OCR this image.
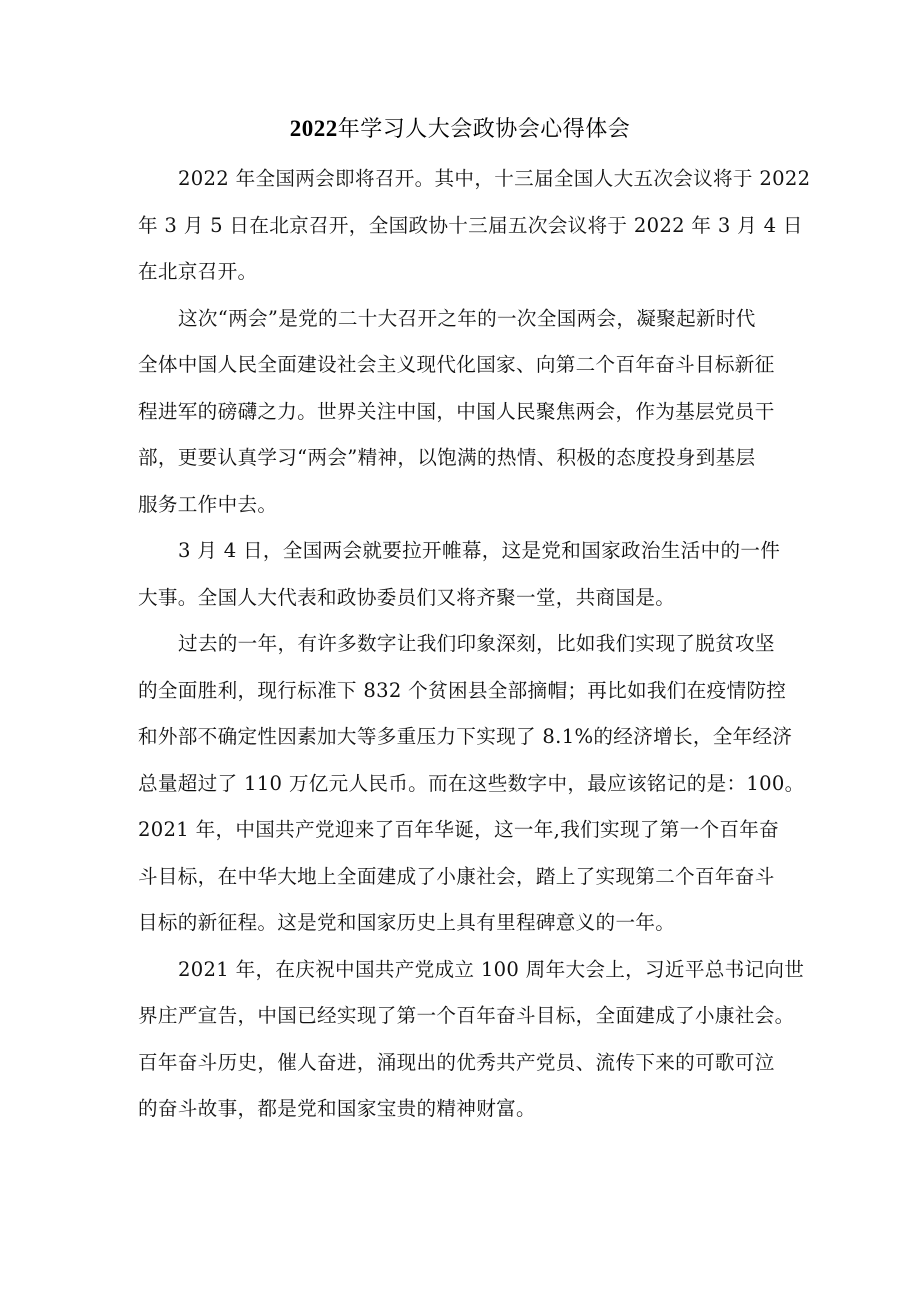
2022年学习人大会政协会心得体会
2022 年全国两会即将召开。其中，十三届全国人大五次会议将于 2022
年 3 月 5 日在北京召开，全国政协十三届五次会议将于 2022 年 3 月 4 日
在北京召开。
这次“两会”是党的二十大召开之年的一次全国两会，凝聚起新时代
全体中国人民全面建设社会主义现代化国家、向第二个百年奋斗目标新征
程进军的磅礴之力。世界关注中国，中国人民聚焦两会，作为基层党员干
部，更要认真学习“两会”精神，以饱满的热情、积极的态度投身到基层
服务工作中去。
3 月 4 日，全国两会就要拉开帷幕，这是党和国家政治生活中的一件
大事。全国人大代表和政协委员们又将齐聚一堂，共商国是。
过去的一年，有许多数字让我们印象深刻，比如我们实现了脱贫攻坚
的全面胜利，现行标准下 832 个贫困县全部摘帽；再比如我们在疫情防控
和外部不确定性因素加大等多重压力下实现了 8.1%的经济增长，全年经济
总量超过了 110 万亿元人民币。而在这些数字中，最应该铭记的是：100。
2021 年，中国共产党迎来了百年华诞，这一年,我们实现了第一个百年奋
斗目标，在中华大地上全面建成了小康社会，踏上了实现第二个百年奋斗
目标的新征程。这是党和国家历史上具有里程碑意义的一年。
2021 年，在庆祝中国共产党成立 100 周年大会上，习近平总书记向世
界庄严宣告，中国已经实现了第一个百年奋斗目标，全面建成了小康社会。
百年奋斗历史，催人奋进，涌现出的优秀共产党员、流传下来的可歌可泣
的奋斗故事，都是党和国家宝贵的精神财富。
